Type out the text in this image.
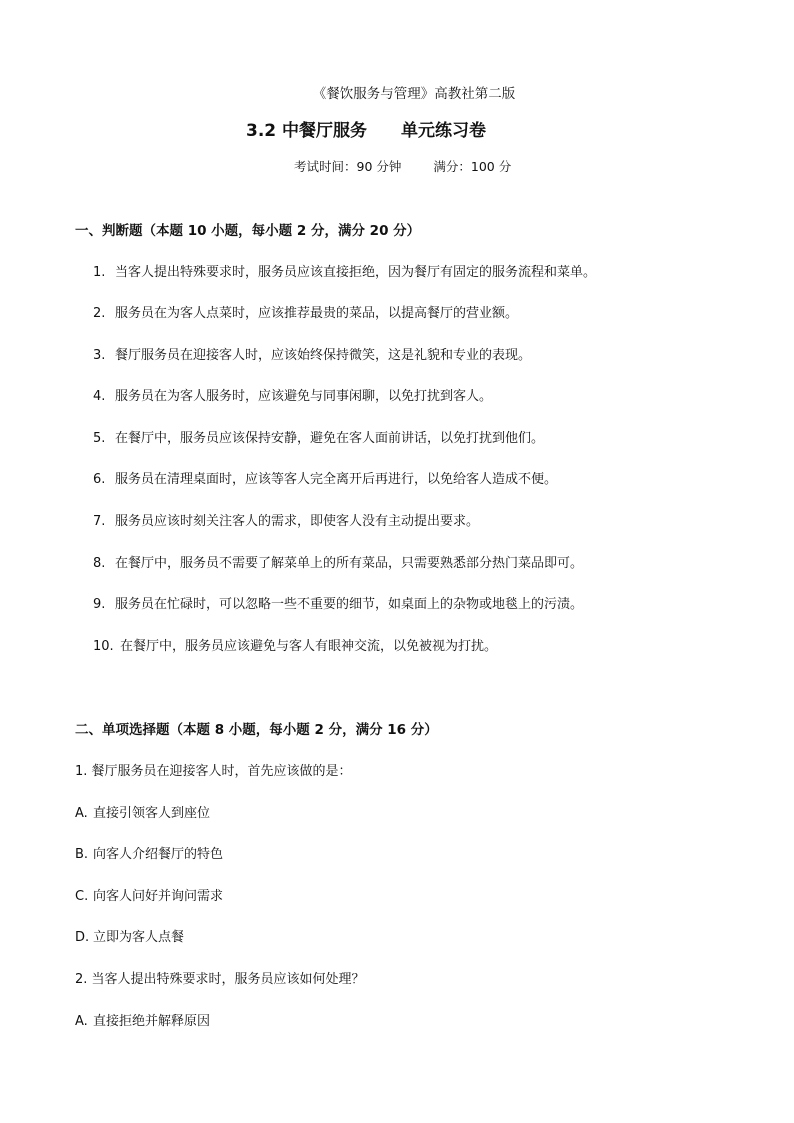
《餐饮服务与管理》高教社第二版
3.2 中餐厅服务 单元练习卷
考试时间：90 分钟	满分：100 分
一、判断题（本题 10 小题，每小题 2 分，满分 20 分）
1. 当客人提出特殊要求时，服务员应该直接拒绝，因为餐厅有固定的服务流程和菜单。
2. 服务员在为客人点菜时，应该推荐最贵的菜品，以提高餐厅的营业额。
3. 餐厅服务员在迎接客人时，应该始终保持微笑，这是礼貌和专业的表现。
4. 服务员在为客人服务时，应该避免与同事闲聊，以免打扰到客人。
5. 在餐厅中，服务员应该保持安静，避免在客人面前讲话，以免打扰到他们。
6. 服务员在清理桌面时，应该等客人完全离开后再进行，以免给客人造成不便。
7. 服务员应该时刻关注客人的需求，即使客人没有主动提出要求。
8. 在餐厅中，服务员不需要了解菜单上的所有菜品，只需要熟悉部分热门菜品即可。
9. 服务员在忙碌时，可以忽略一些不重要的细节，如桌面上的杂物或地毯上的污渍。
10. 在餐厅中，服务员应该避免与客人有眼神交流，以免被视为打扰。
二、单项选择题（本题 8 小题，每小题 2 分，满分 16 分）
1. 餐厅服务员在迎接客人时，首先应该做的是：
A. 直接引领客人到座位
B. 向客人介绍餐厅的特色
C. 向客人问好并询问需求
D. 立即为客人点餐
2. 当客人提出特殊要求时，服务员应该如何处理？
A. 直接拒绝并解释原因
